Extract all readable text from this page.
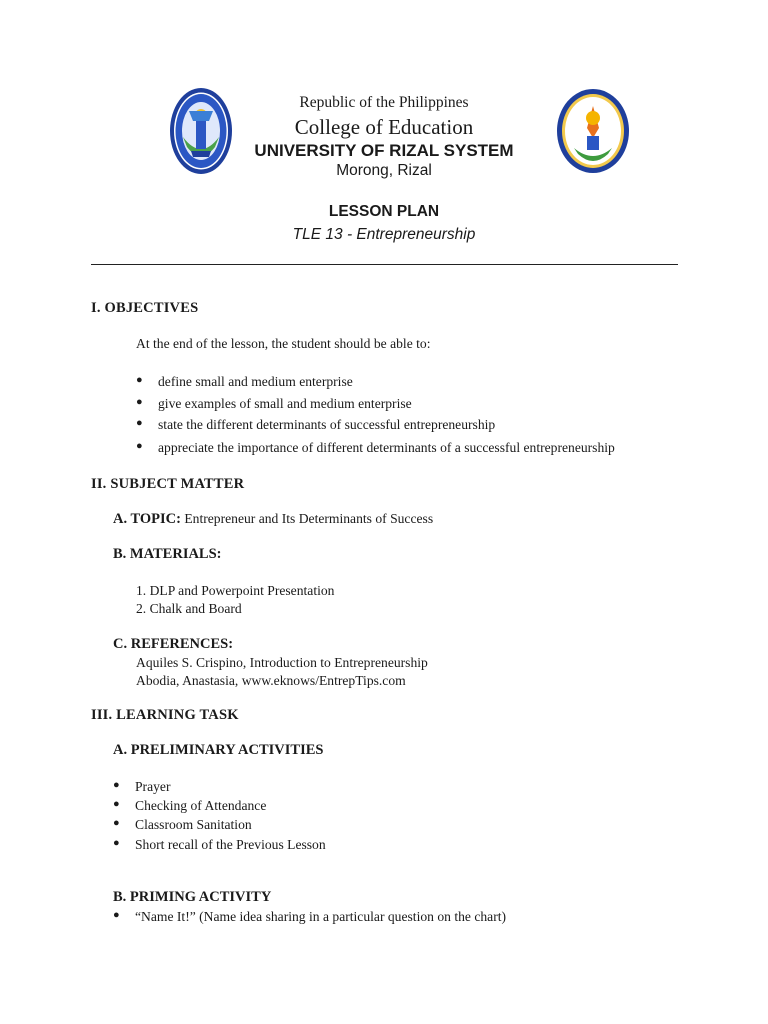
Republic of the Philippines
College of Education
UNIVERSITY OF RIZAL SYSTEM
Morong, Rizal
LESSON PLAN
TLE 13 - Entrepreneurship
I. OBJECTIVES
At the end of the lesson, the student should be able to:
● define small and medium enterprise
● give examples of small and medium enterprise
● state the different determinants of successful entrepreneurship
● appreciate the importance of different determinants of a successful entrepreneurship
II. SUBJECT MATTER
A. TOPIC: Entrepreneur and Its Determinants of Success
B. MATERIALS:
1. DLP and Powerpoint Presentation
2. Chalk and Board
C. REFERENCES:
Aquiles S. Crispino, Introduction to Entrepreneurship
Abodia, Anastasia, www.eknows/EntrepTips.com
III. LEARNING TASK
A. PRELIMINARY ACTIVITIES
● Prayer
● Checking of Attendance
● Classroom Sanitation
● Short recall of the Previous Lesson
B. PRIMING ACTIVITY
● “Name It!” (Name idea sharing in a particular question on the chart)
